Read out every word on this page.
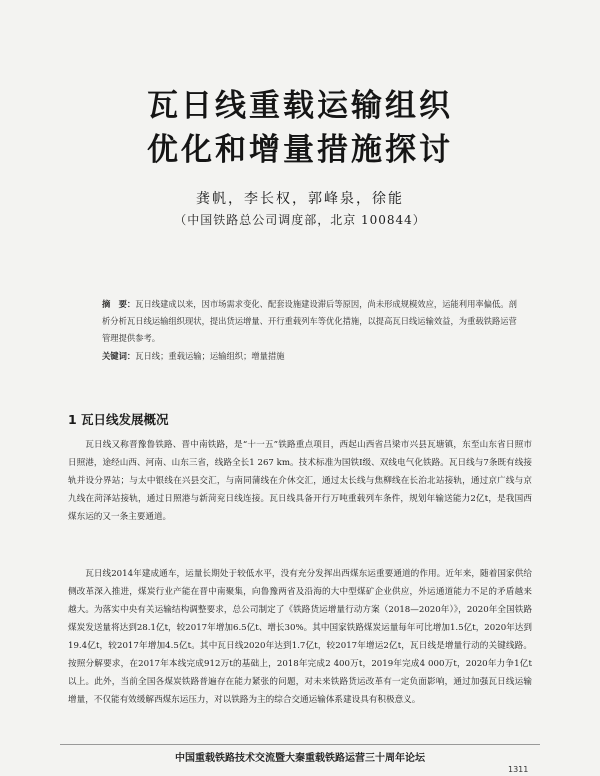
瓦日线重载运输组织
优化和增量措施探讨
龚帆，李长权，郭峰泉，徐能
（中国铁路总公司调度部，北京 100844）
摘　要：瓦日线建成以来，因市场需求变化、配套设施建设滞后等原因，尚未形成规模效应，运能利用率偏低。剖析分析瓦日线运输组织现状，提出货运增量、开行重载列车等优化措施，以提高瓦日线运输效益，为重载铁路运营管理提供参考。
关键词：瓦日线；重载运输；运输组织；增量措施
1 瓦日线发展概况

瓦日线又称晋豫鲁铁路、晋中南铁路，是“十一五”铁路重点项目，西起山西省吕梁市兴县瓦塘镇，东至山东省日照市日照港，途经山西、河南、山东三省，线路全长1 267 km。技术标准为国铁Ⅰ级、双线电气化铁路。瓦日线与7条既有线接轨并设分界站；与太中银线在兴县交汇，与南同蒲线在介休交汇，通过太长线与焦柳线在长治北站接轨，通过京广线与京九线在菏泽站接轨，通过日照港与新菏兖日线连接。瓦日线具备开行万吨重载列车条件，规划年输送能力2亿t，是我国西煤东运的又一条主要通道。

瓦日线2014年建成通车，运量长期处于较低水平，没有充分发挥出西煤东运重要通道的作用。近年来，随着国家供给侧改革深入推进，煤炭行业产能在晋中南聚集，向鲁豫两省及沿海的大中型煤矿企业供应，外运通道能力不足的矛盾越来越大。为落实中央有关运输结构调整要求，总公司制定了《铁路货运增量行动方案（2018—2020年）》，2020年全国铁路煤炭发送量将达到28.1亿t，较2017年增加6.5亿t、增长30%。其中国家铁路煤炭运量每年可比增加1.5亿t，2020年达到19.4亿t，较2017年增加4.5亿t。其中瓦日线2020年达到1.7亿t，较2017年增运2亿t，瓦日线是增量行动的关键线路。按照分解要求，在2017年本线完成912万t的基础上，2018年完成2 400万t，2019年完成4 000万t，2020年力争1亿t以上。此外，当前全国各煤炭铁路普遍存在能力紧张的问题，对未来铁路货运改革有一定负面影响，通过加强瓦日线运输增量，不仅能有效缓解西煤东运压力，对以铁路为主的综合交通运输体系建设具有积极意义。

中国重载铁路技术交流暨大秦重载铁路运营三十周年论坛
1311
